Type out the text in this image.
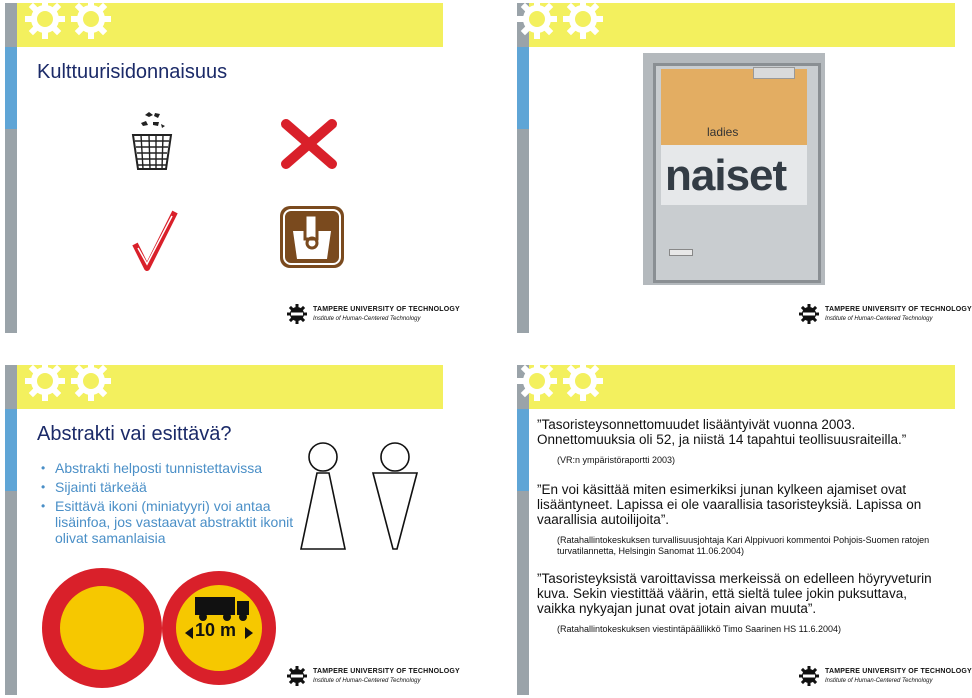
Kulttuurisidonnaisuus
TAMPERE UNIVERSITY OF TECHNOLOGY
Institute of Human-Centered Technology
ladies
naiset
TAMPERE UNIVERSITY OF TECHNOLOGY
Institute of Human-Centered Technology
Abstrakti vai esittävä?
• Abstrakti helposti tunnistettavissa
• Sijainti tärkeää
• Esittävä ikoni (miniatyyri) voi antaa lisäinfoa, jos vastaavat abstraktit ikonit olivat samanlaisia
10 m
TAMPERE UNIVERSITY OF TECHNOLOGY
Institute of Human-Centered Technology

”Tasoristeysonnettomuudet lisääntyivät vuonna 2003. Onnettomuuksia oli 52, ja niistä 14 tapahtui teollisuusraiteilla.”

(VR:n ympäristöraportti 2003)

”En voi käsittää miten esimerkiksi junan kylkeen ajamiset ovat lisääntyneet. Lapissa ei ole vaarallisia tasoristeyksiä. Lapissa on vaarallisia autoilijoita”.

(Ratahallintokeskuksen turvallisuusjohtaja Kari Alppivuori kommentoi Pohjois-Suomen ratojen turvatilannetta, Helsingin Sanomat 11.06.2004)

”Tasoristeyksistä varoittavissa merkeissä on edelleen höyryveturin kuva. Sekin viestittää väärin, että sieltä tulee jokin puksuttava, vaikka nykyajan junat ovat jotain aivan muuta”.

(Ratahallintokeskuksen viestintäpäällikkö Timo Saarinen HS 11.6.2004)

TAMPERE UNIVERSITY OF TECHNOLOGY
Institute of Human-Centered Technology
